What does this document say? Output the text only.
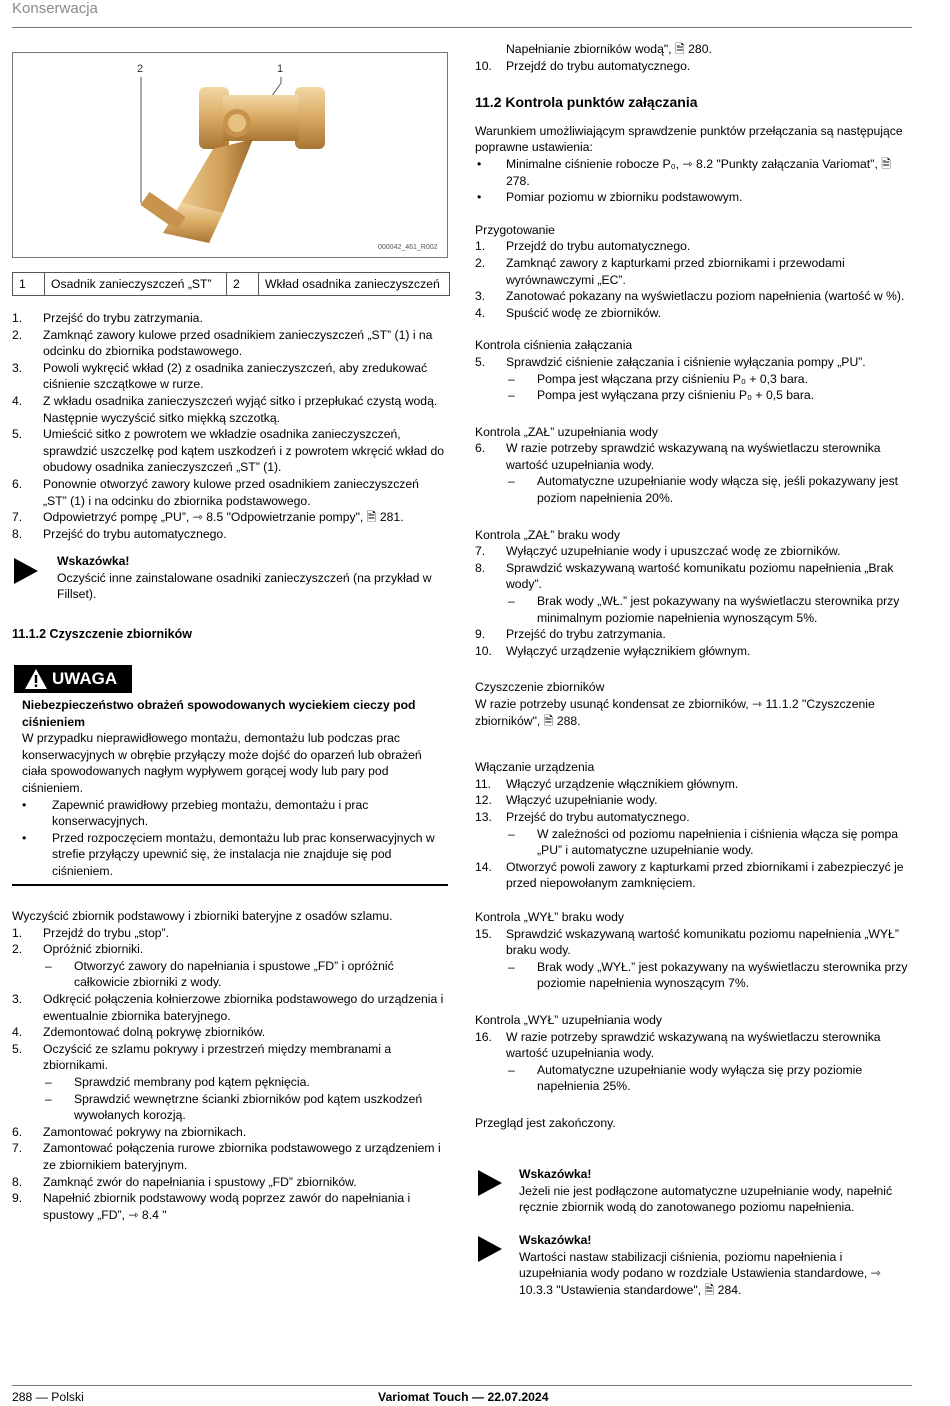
Konserwacja
2	1
000042_461_R002
1	Osadnik zanieczyszczeń „ST”	2	Wkład osadnika zanieczyszczeń
1. Przejść do trybu zatrzymania.
2. Zamknąć zawory kulowe przed osadnikiem zanieczyszczeń „ST” (1) i na odcinku do zbiornika podstawowego.
3. Powoli wykręcić wkład (2) z osadnika zanieczyszczeń, aby zredukować ciśnienie szczątkowe w rurze.
4. Z wkładu osadnika zanieczyszczeń wyjąć sitko i przepłukać czystą wodą. Następnie wyczyścić sitko miękką szczotką.
5. Umieścić sitko z powrotem we wkładzie osadnika zanieczyszczeń, sprawdzić uszczelkę pod kątem uszkodzeń i z powrotem wkręcić wkład do obudowy osadnika zanieczyszczeń „ST” (1).
6. Ponownie otworzyć zawory kulowe przed osadnikiem zanieczyszczeń „ST” (1) i na odcinku do zbiornika podstawowego.
7. Odpowietrzyć pompę „PU”, ⇾ 8.5 "Odpowietrzanie pompy", 🗎 281.
8. Przejść do trybu automatycznego.
Wskazówka!
Oczyścić inne zainstalowane osadniki zanieczyszczeń (na przykład w Fillset).
11.1.2 Czyszczenie zbiorników
UWAGA
Niebezpieczeństwo obrażeń spowodowanych wyciekiem cieczy pod ciśnieniem
W przypadku nieprawidłowego montażu, demontażu lub podczas prac konserwacyjnych w obrębie przyłączy może dojść do oparzeń lub obrażeń ciała spowodowanych nagłym wypływem gorącej wody lub pary pod ciśnieniem.
• Zapewnić prawidłowy przebieg montażu, demontażu i prac konserwacyjnych.
• Przed rozpoczęciem montażu, demontażu lub prac konserwacyjnych w strefie przyłączy upewnić się, że instalacja nie znajduje się pod ciśnieniem.
Wyczyścić zbiornik podstawowy i zbiorniki bateryjne z osadów szlamu.
1. Przejdź do trybu „stop”.
2. Opróżnić zbiorniki.
– Otworzyć zawory do napełniania i spustowe „FD” i opróżnić całkowicie zbiorniki z wody.
3. Odkręcić połączenia kołnierzowe zbiornika podstawowego do urządzenia i ewentualnie zbiornika bateryjnego.
4. Zdemontować dolną pokrywę zbiorników.
5. Oczyścić ze szlamu pokrywy i przestrzeń między membranami a zbiornikami.
– Sprawdzić membrany pod kątem pęknięcia.
– Sprawdzić wewnętrzne ścianki zbiorników pod kątem uszkodzeń wywołanych korozją.
6. Zamontować pokrywy na zbiornikach.
7. Zamontować połączenia rurowe zbiornika podstawowego z urządzeniem i ze zbiornikiem bateryjnym.
8. Zamknąć zwór do napełniania i spustowy „FD” zbiorników.
9. Napełnić zbiornik podstawowy wodą poprzez zawór do napełniania i spustowy „FD”, ⇾ 8.4 "
Napełnianie zbiorników wodą", 🗎 280.
10. Przejdź do trybu automatycznego.
11.2 Kontrola punktów załączania
Warunkiem umożliwiającym sprawdzenie punktów przełączania są następujące poprawne ustawienia:
• Minimalne ciśnienie robocze P₀, ⇾ 8.2 "Punkty załączania Variomat", 🗎 278.
• Pomiar poziomu w zbiorniku podstawowym.
Przygotowanie
1. Przejdź do trybu automatycznego.
2. Zamknąć zawory z kapturkami przed zbiornikami i przewodami wyrównawczymi „EC”.
3. Zanotować pokazany na wyświetlaczu poziom napełnienia (wartość w %).
4. Spuścić wodę ze zbiorników.
Kontrola ciśnienia załączania
5. Sprawdzić ciśnienie załączania i ciśnienie wyłączania pompy „PU”.
– Pompa jest włączana przy ciśnieniu P₀ + 0,3 bara.
– Pompa jest wyłączana przy ciśnieniu P₀ + 0,5 bara.
Kontrola „ZAŁ” uzupełniania wody
6. W razie potrzeby sprawdzić wskazywaną na wyświetlaczu sterownika wartość uzupełniania wody.
– Automatyczne uzupełnianie wody włącza się, jeśli pokazywany jest poziom napełnienia 20%.
Kontrola „ZAŁ” braku wody
7. Wyłączyć uzupełnianie wody i upuszczać wodę ze zbiorników.
8. Sprawdzić wskazywaną wartość komunikatu poziomu napełnienia „Brak wody”.
– Brak wody „WŁ.” jest pokazywany na wyświetlaczu sterownika przy minimalnym poziomie napełnienia wynoszącym 5%.
9. Przejść do trybu zatrzymania.
10. Wyłączyć urządzenie wyłącznikiem głównym.
Czyszczenie zbiorników
W razie potrzeby usunąć kondensat ze zbiorników, ⇾ 11.1.2 "Czyszczenie zbiorników", 🗎 288.
Włączanie urządzenia
11. Włączyć urządzenie włącznikiem głównym.
12. Włączyć uzupełnianie wody.
13. Przejść do trybu automatycznego.
– W zależności od poziomu napełnienia i ciśnienia włącza się pompa „PU” i automatyczne uzupełnianie wody.
14. Otworzyć powoli zawory z kapturkami przed zbiornikami i zabezpieczyć je przed niepowołanym zamknięciem.
Kontrola „WYŁ” braku wody
15. Sprawdzić wskazywaną wartość komunikatu poziomu napełnienia „WYŁ” braku wody.
– Brak wody „WYŁ.” jest pokazywany na wyświetlaczu sterownika przy poziomie napełnienia wynoszącym 7%.
Kontrola „WYŁ” uzupełniania wody
16. W razie potrzeby sprawdzić wskazywaną na wyświetlaczu sterownika wartość uzupełniania wody.
– Automatyczne uzupełnianie wody wyłącza się przy poziomie napełnienia 25%.
Przegląd jest zakończony.
Wskazówka!
Jeżeli nie jest podłączone automatyczne uzupełnianie wody, napełnić ręcznie zbiornik wodą do zanotowanego poziomu napełnienia.
Wskazówka!
Wartości nastaw stabilizacji ciśnienia, poziomu napełnienia i uzupełniania wody podano w rozdziale Ustawienia standardowe, ⇾ 10.3.3 "Ustawienia standardowe", 🗎 284.
288 — Polski	Variomat Touch — 22.07.2024
